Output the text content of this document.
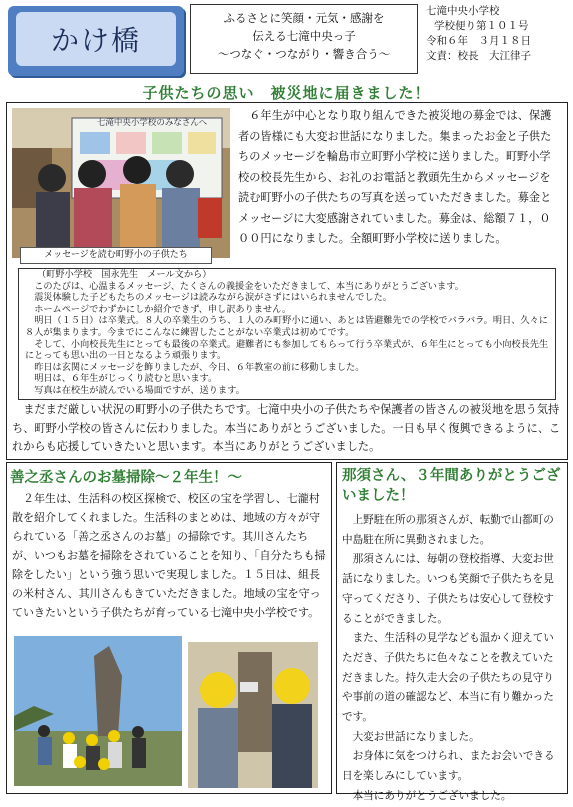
かけ橋
ふるさとに笑顔・元気・感謝を
伝える七滝中央っ子
～つなぐ・つながり・響き合う～
七滝中央小学校
学校便り第１０１号
令和６年　３月１８日
文責：校長　大江律子
子供たちの思い　被災地に届きました！
七滝中央小学校のみなさんへ
メッセージを読む町野小の子供たち
６年生が中心となり取り組んできた被災地の募金では、保護者の皆様にも大変お世話になりました。集まったお金と子供たちのメッセージを輪島市立町野小学校に送りました。町野小学校の校長先生から、お礼のお電話と教頭先生からメッセージを読む町野小の子供たちの写真を送っていただきました。募金とメッセージに大変感謝されていました。募金は、総額７１，０００円になりました。全額町野小学校に送りました。

（町野小学校　国永先生　メール文から）

このたびは、心温まるメッセージ、たくさんの義援金をいただきまして、本当にありがとうございます。

震災体験した子どもたちのメッセージは読みながら涙がさずにはいられませんでした。

ホームページでわずかにしか紹介できず、申し訳ありません。

明日（１５日）は卒業式。８人の卒業生のうち、１人のみ町野小に通い、あとは皆避難先での学校でバラバラ。明日、久々に８人が集まります。今までにこんなに練習したことがない卒業式は初めてです。

そして、小向校長先生にとっても最後の卒業式。避難者にも参加してもらって行う卒業式が、６年生にとっても小向校長先生にとっても思い出の一日となるよう頑張ります。

昨日は玄関にメッセージを飾りましたが、今日、６年教室の前に移動しました。

明日は、６年生がじっくり読むと思います。

写真は在校生が読んでいる場面ですが、送ります。

まだまだ厳しい状況の町野小の子供たちです。七滝中央小の子供たちや保護者の皆さんの被災地を思う気持ち、町野小学校の皆さんに伝わりました。本当にありがとうございました。一日も早く復興できるように、これからも応援していきたいと思います。本当にありがとうございました。
善之丞さんのお墓掃除～２年生！～
２年生は、生活科の校区探検で、校区の宝を学習し、七瀧村散を紹介してくれました。生活科のまとめは、地域の方々が守られている「善之丞さんのお墓」の掃除です。其川さんたちが、いつもお墓を掃除をされていることを知り、「自分たちも掃除をしたい」という強う思いで実現しました。１５日は、組長の米村さん、其川さんもきていただきました。地域の宝を守っていきたいという子供たちが育っている七滝中央小学校です。
那須さん、３年間ありがとうございました！

上野駐在所の那須さんが、転勤で山都町の中島駐在所に異動されました。

那須さんには、毎朝の登校指導、大変お世話になりました。いつも笑顔で子供たちを見守ってくださり、子供たちは安心して登校することができました。

また、生活科の見学なども温かく迎えていただき、子供たちに色々なことを教えていただきました。持久走大会の子供たちの見守りや事前の道の確認など、本当に有り難かったです。

大変お世話になりました。

お身体に気をつけられ、またお会いできる日を楽しみにしています。

本当にありがとうございました。
